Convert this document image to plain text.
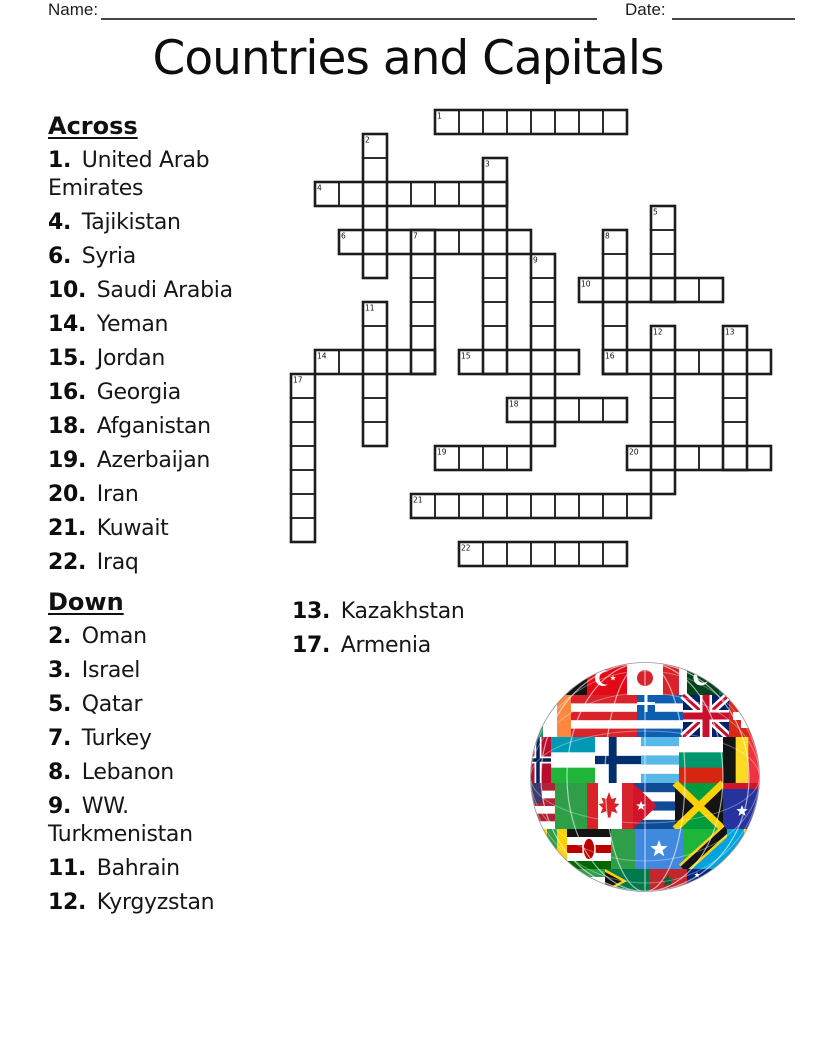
Name:	Date:
Countries and Capitals
1
4
6
10
14	15	16
18
19	20
21
22
2
3
5
7	8
9
11
12	13
17
Across

1. United Arab Emirates

4. Tajikistan

6. Syria

10. Saudi Arabia

14. Yeman

15. Jordan

16. Georgia

18. Afganistan

19. Azerbaijan

20. Iran

21. Kuwait

22. Iraq

Down

2. Oman

3. Israel

5. Qatar

7. Turkey

8. Lebanon

9. WW. Turkmenistan

11. Bahrain

12. Kyrgyzstan

13. Kazakhstan

17. Armenia
